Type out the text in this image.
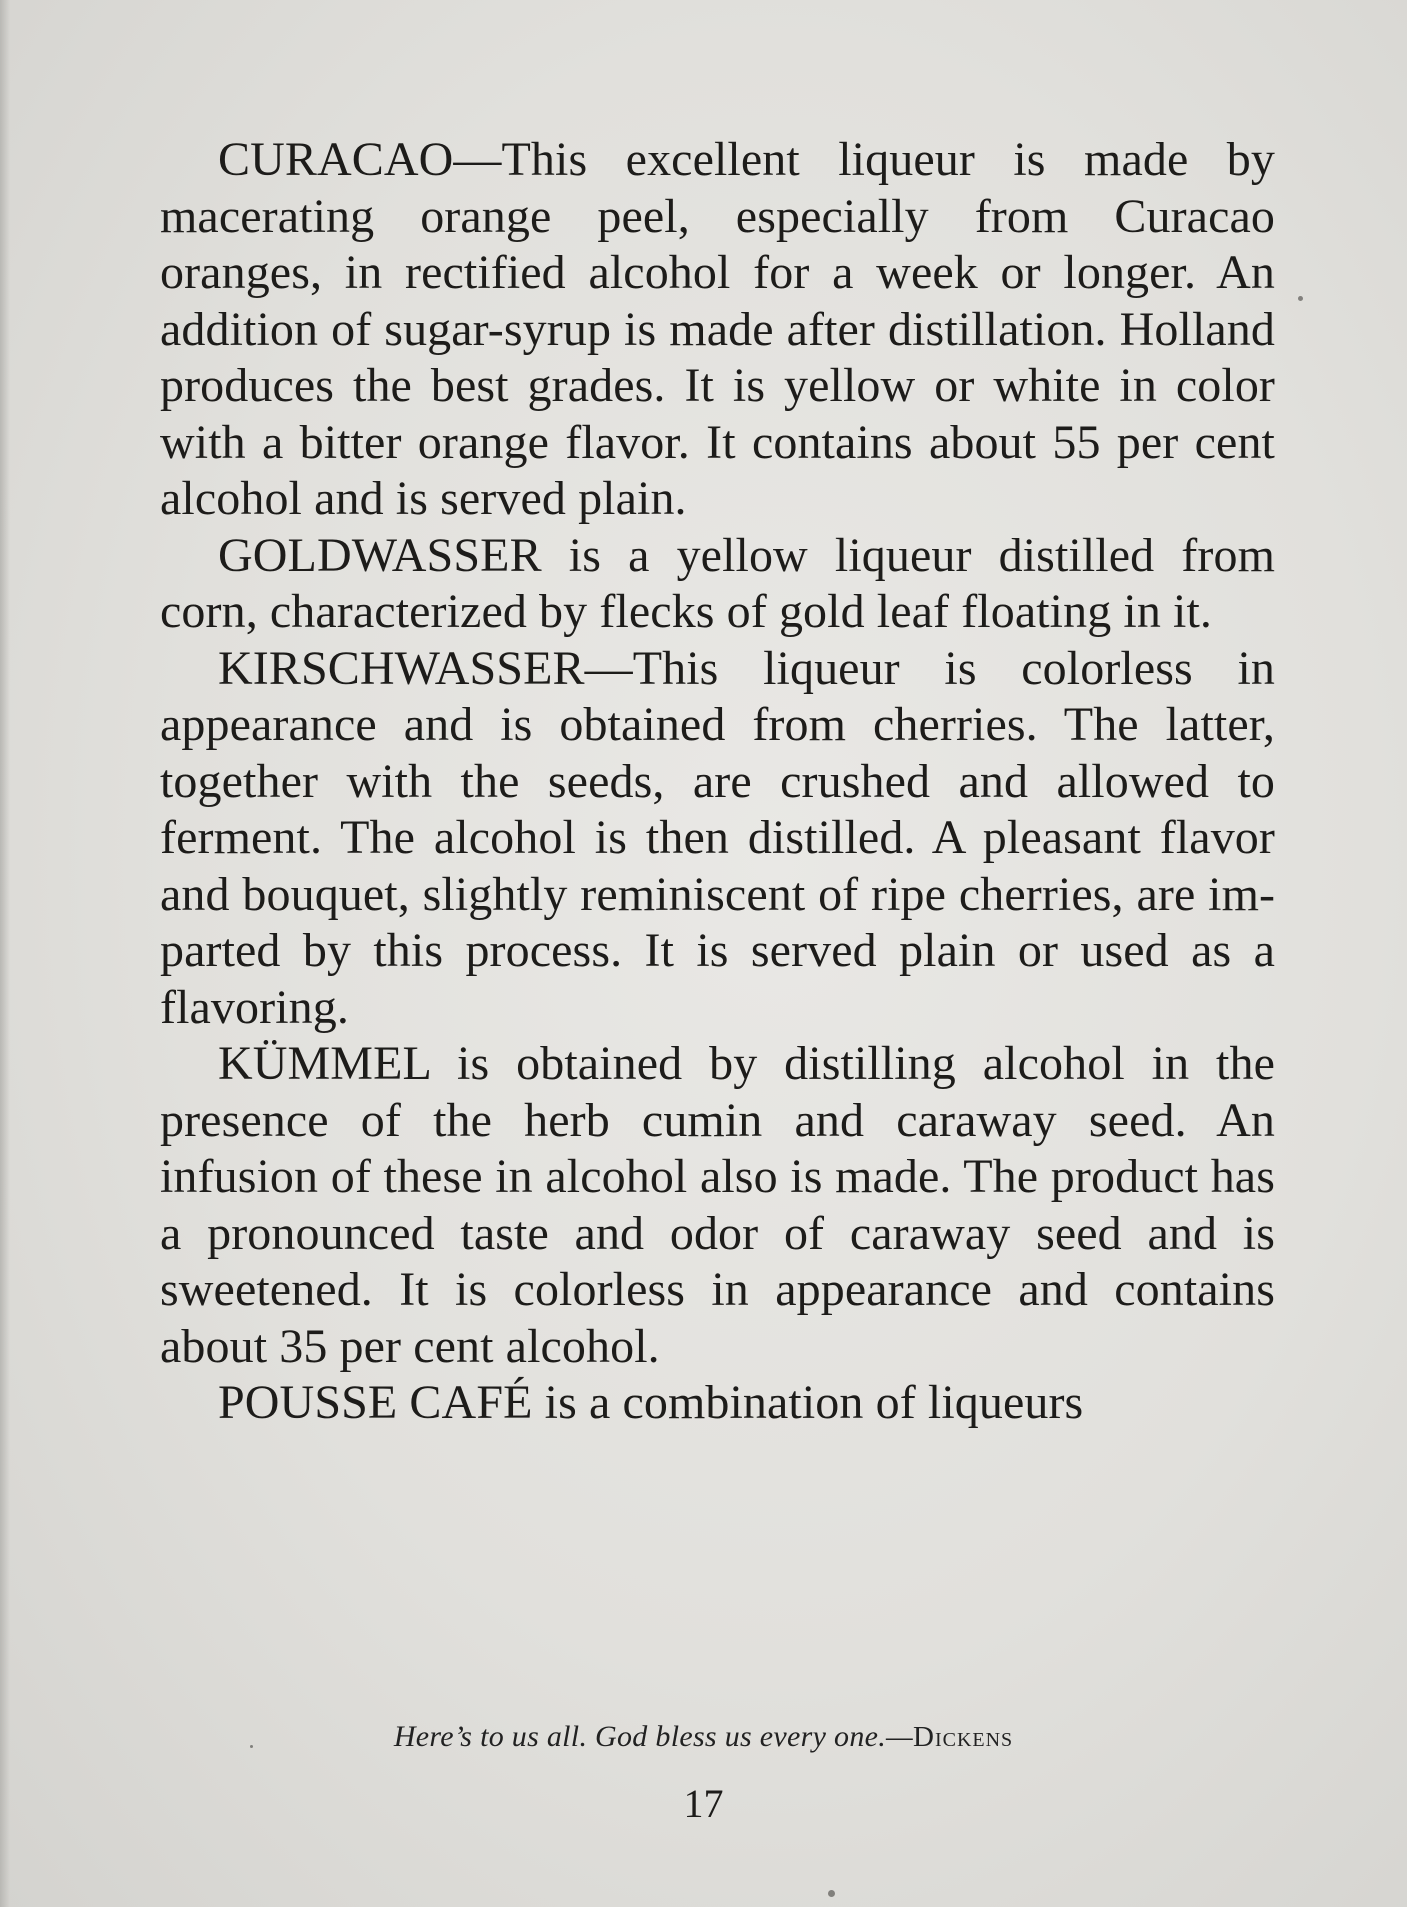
CURACAO—This excellent liqueur is made by macerating orange peel, especially from Curacao oranges, in rectified alcohol for a week or longer. An addition of sugar-syrup is made after distillation. Holland produces the best grades. It is yellow or white in color with a bitter orange flavor. It contains about 55 per cent alcohol and is served plain.

GOLDWASSER is a yellow liqueur distilled from corn, characterized by flecks of gold leaf floating in it.

KIRSCHWASSER—This liqueur is colorless in appearance and is obtained from cherries. The latter, together with the seeds, are crushed and allowed to ferment. The alcohol is then distilled. A pleasant flavor and bouquet, slightly reminiscent of ripe cherries, are imparted by this process. It is served plain or used as a flavoring.

KÜMMEL is obtained by distilling alcohol in the presence of the herb cumin and caraway seed. An infusion of these in alcohol also is made. The product has a pronounced taste and odor of caraway seed and is sweetened. It is colorless in appearance and contains about 35 per cent alcohol.

POUSSE CAFÉ is a combination of liqueurs

Here’s to us all. God bless us every one.—Dickens
17
